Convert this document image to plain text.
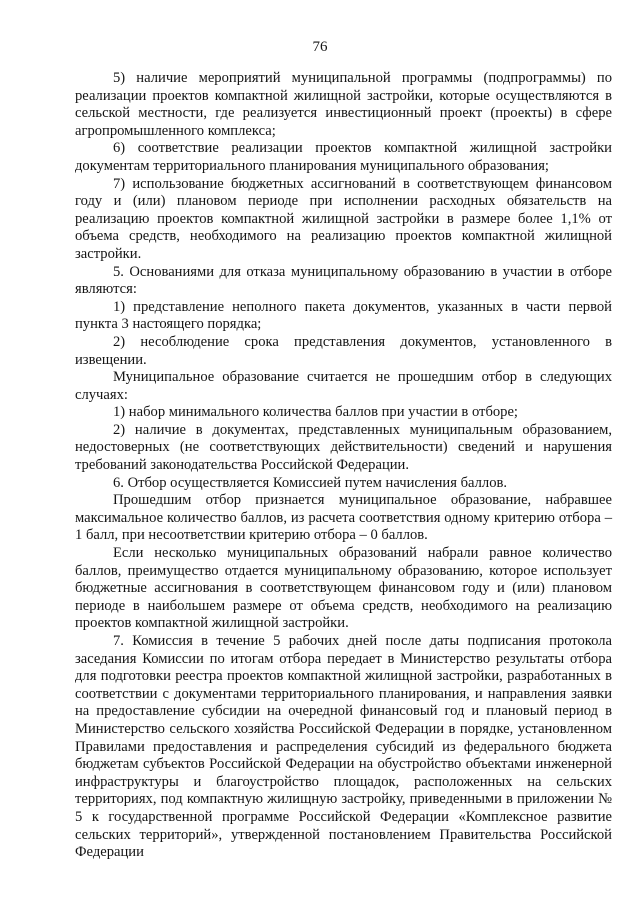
76

5) наличие мероприятий муниципальной программы (подпрограммы) по реализации проектов компактной жилищной застройки, которые осуществляются в сельской местности, где реализуется инвестиционный проект (проекты) в сфере агропромышленного комплекса;

6) соответствие реализации проектов компактной жилищной застройки документам территориального планирования муниципального образования;

7) использование бюджетных ассигнований в соответствующем финансовом году и (или) плановом периоде при исполнении расходных обязательств на реализацию проектов компактной жилищной застройки в размере более 1,1% от объема средств, необходимого на реализацию проектов компактной жилищной застройки.

5. Основаниями для отказа муниципальному образованию в участии в отборе являются:

1) представление неполного пакета документов, указанных в части первой пункта 3 настоящего порядка;

2) несоблюдение срока представления документов, установленного в извещении.

Муниципальное образование считается не прошедшим отбор в следующих случаях:

1) набор минимального количества баллов при участии в отборе;

2) наличие в документах, представленных муниципальным образованием, недостоверных (не соответствующих действительности) сведений и нарушения требований законодательства Российской Федерации.

6. Отбор осуществляется Комиссией путем начисления баллов.

Прошедшим отбор признается муниципальное образование, набравшее максимальное количество баллов, из расчета соответствия одному критерию отбора – 1 балл, при несоответствии критерию отбора – 0 баллов.

Если несколько муниципальных образований набрали равное количество баллов, преимущество отдается муниципальному образованию, которое использует бюджетные ассигнования в соответствующем финансовом году и (или) плановом периоде в наибольшем размере от объема средств, необходимого на реализацию проектов компактной жилищной застройки.

7. Комиссия в течение 5 рабочих дней после даты подписания протокола заседания Комиссии по итогам отбора передает в Министерство результаты отбора для подготовки реестра проектов компактной жилищной застройки, разработанных в соответствии с документами территориального планирования, и направления заявки на предоставление субсидии на очередной финансовый год и плановый период в Министерство сельского хозяйства Российской Федерации в порядке, установленном Правилами предоставления и распределения субсидий из федерального бюджета бюджетам субъектов Российской Федерации на обустройство объектами инженерной инфраструктуры и благоустройство площадок, расположенных на сельских территориях, под компактную жилищную застройку, приведенными в приложении № 5 к государственной программе Российской Федерации «Комплексное развитие сельских территорий», утвержденной постановлением Правительства Российской Федерации
